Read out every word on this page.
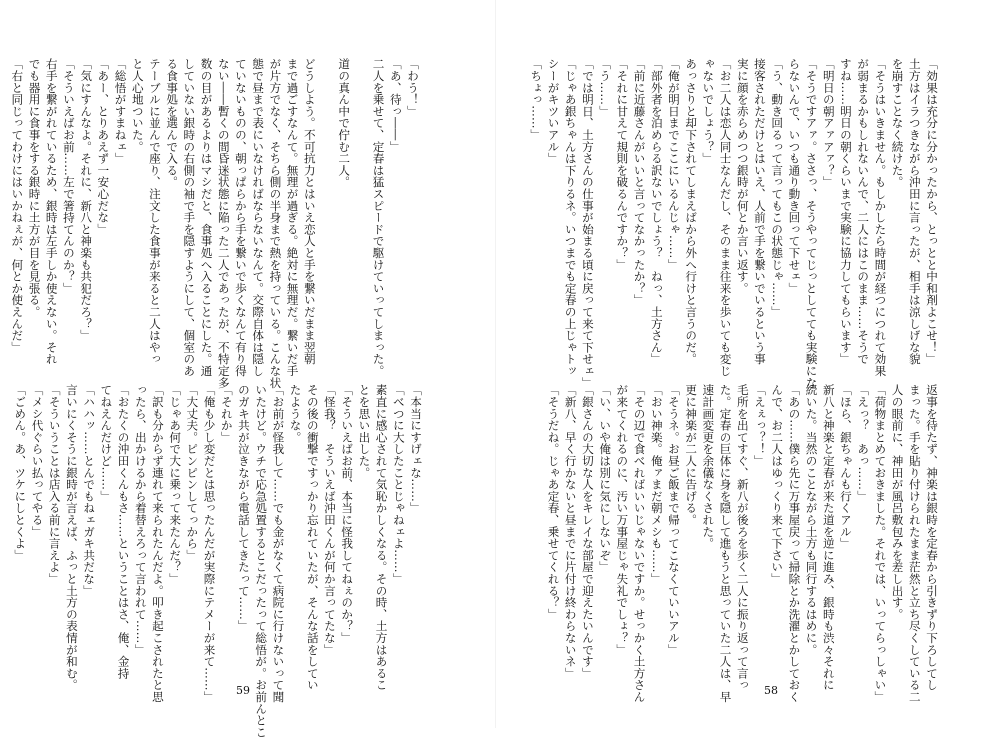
「わう！」
「あ、待っ――」
二人を乗せて、定春は猛スピードで駆けていってしまった。

道の真ん中で佇む二人。

どうしよう。不可抗力とはいえ恋人と手を繋いだまま翌朝
まで過ごすなんて。無理が過ぎる。絶対に無理だ。繋いだ手
が片方でなく、そちら側の半身まで熱を持っている。こんな状
態で昼まで表にいなければならないなんて。交際自体は隠し
ていないものの、朝っぱらから手を繋いで歩くなんて有り得
ない――暫くの間昏迷状態に陥った二人であったが、不特定多
数の目があるよりはマシだと、食事処へ入ることにした。通
していない銀時の右側の袖で手を隠すようにして、個室のあ
る食事処を選んで入る。
テーブルに並んで座り、注文した食事が来ると二人はやっ
と人心地ついた。
「総悟がすまねェ」
「あー、とりあえず一安心だな」
「気にすんなよ。それに、新八と神楽も共犯だろ？」
「そういえばお前……左で箸持てんのか？」
右手を繋がれているため、銀時は左手しか使えない。それ
でも器用に食事をする銀時に土方が目を見張る。
「右と同じってわけにはいかねぇが、何とか使えんだ」
「本当にすげェな……」
「べつに大したことじゃねェよ……」
素直に感心されて気恥かしくなる。その時、土方はあるこ
とを思い出した。
「そういえばお前、本当に怪我してねぇのか？」
「怪我？　そういえば沖田くんが何か言ってたな」
その後の衝撃ですっかり忘れていたが、そんな話をしてい
たような。
「お前が怪我して……でも金がなくて病院に行けないって聞
いたけど。ウチで応急処置するとこだったって総悟が。お前んとこ
のガキ共が泣きながら電話してきたって……」
「それか」
「俺も少し変だとは思ったんだが実際にテメーが来て……」
「大丈夫。ピンピンしてっから」
「じゃあ何で大に乗って来たんだ？」
「訳も分からず連れて来られたんだよ。叩き起こされたと思
ったら、出かけるから着替えろって言われて……」
「おたくの沖田くんもさ……ということはさ、俺、金持
てねえんだけど……」
「ハハッ……とんでもねェガキ共だな」
言いにくそうに銀時が言えば、ふっと土方の表情が和む。
「そういうことは店入る前に言えよ」
「メシ代ぐらい払ってやる」
「ごめん。あ、ツケにしとくよ」
59
「効果は充分に分かったから、とっとと中和剤よこせ！」
土方はイラつきながら沖田に言ったが、相手は涼しげな貌
を崩すことなく続けた。
「そうはいきません。もしかしたら時間が経つにつれて効果
が弱まるかもしれないんで、二人にはこのまま……そうで
すね……明日の朝くらいまで実験に協力してもらいます」
「明日の朝アァアァ？」
「そうですアァ。ささっ、そうやってじっとしてても実験にな
らないんで、いつも通り動き回って下せェ」
「う、動き回るって言ってもこの状態じゃ……」
接客されただけとはいえ、人前で手を繋いでいるという事
実に顔を赤らめつつ銀時が何とか言い返す。
「お二人は恋人同士なんだし、そのまま往来を歩いても変じ
ゃないでしょう？」
あっさりと却下されてしまえばから外へ行けと言うのだ。
「俺が明日までここにいるんじゃ……」
「部外者を泊めらる訳ないでしょう？　ねっ、土方さん」
「前に近藤さんがいいと言ってなかったか？」
「それに甘えて規則を破るんですか？」
「う……」
「では明日、土方さんの仕事が始まる頃に戻って来て下せェ」
「じゃあ銀ちゃんは下りるネ。いつまでも定春の上じゃトッ
シーがキツいアル」
「ちょっ……」
返事を待たず、神楽は銀時を定春から引きずり下ろしてし
まった。手を貼り付けられたまま茫然と立ち尽くしている二
人の眼前に、神田が風呂敷包みを差し出す。
「荷物まとめておきました。それでは、いってらっしゃい」
「えっ？　あっ……」
「ほら、銀ちゃんも行くアル」
新八と神楽と定春が来た道を逆に進み、銀時も渋々それに
続いた。当然のことながら土方も同行するはめに。
「あの……僕ら先に万事屋戻って掃除とか洗濯とかしておく
んで、お二人はゆっくり来て下さい」
「えぇっ？！」
毛所を出てすぐ、新八が後ろを歩く二人に振り返って言っ
た。定春の巨体に身を隠して進もうと思っていた二人は、早
速計画変更を余儀なくされた。
更に神楽が二人に告げる。
「そうネ。お昼ご飯まで帰ってこなくていいアル」
「おい神楽。俺ァまだ朝メシも……」
「その辺で食べればいいじゃないですか。せっかく土方さん
が来てくれるのに、汚い万事屋じゃ失礼でしょ？」
「い、いや俺は別に気にしないぞ」
「銀さんの大切な人をキレイな部屋で迎えたいんです」
「新八、早く行かないと昼までに片付け終わらないネ」
「そうだね。じゃあ定春、乗せてくれる？」
58
